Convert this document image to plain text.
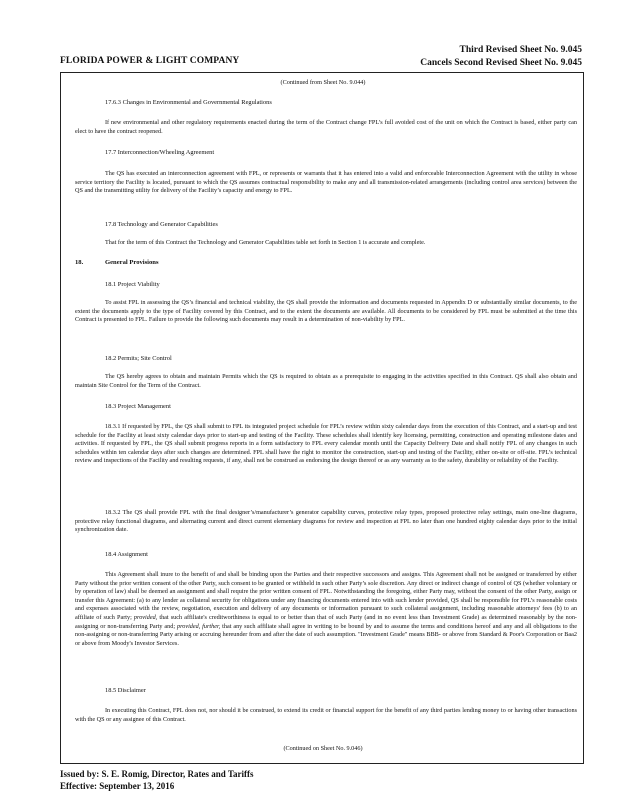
FLORIDA POWER & LIGHT COMPANY
Third Revised Sheet No. 9.045
Cancels Second Revised Sheet No. 9.045

(Continued from Sheet No. 9.044)

17.6.3 Changes in Environmental and Governmental Regulations

If new environmental and other regulatory requirements enacted during the term of the Contract change FPL’s full avoided cost of the unit on which the Contract is based, either party can elect to have the contract reopened.

17.7 Interconnection/Wheeling Agreement

The QS has executed an interconnection agreement with FPL, or represents or warrants that it has entered into a valid and enforceable Interconnection Agreement with the utility in whose service territory the Facility is located, pursuant to which the QS assumes contractual responsibility to make any and all transmission-related arrangements (including control area services) between the QS and the transmitting utility for delivery of the Facility’s capacity and energy to FPL.

17.8 Technology and Generator Capabilities

That for the term of this Contract the Technology and Generator Capabilities table set forth in Section 1 is accurate and complete.

18.	General Provisions

18.1 Project Viability

To assist FPL in assessing the QS’s financial and technical viability, the QS shall provide the information and documents requested in Appendix D or substantially similar documents, to the extent the documents apply to the type of Facility covered by this Contract, and to the extent the documents are available. All documents to be considered by FPL must be submitted at the time this Contract is presented to FPL. Failure to provide the following such documents may result in a determination of non-viability by FPL.

18.2 Permits; Site Control

The QS hereby agrees to obtain and maintain Permits which the QS is required to obtain as a prerequisite to engaging in the activities specified in this Contract. QS shall also obtain and maintain Site Control for the Term of the Contract.

18.3 Project Management

18.3.1 If requested by FPL, the QS shall submit to FPL its integrated project schedule for FPL’s review within sixty calendar days from the execution of this Contract, and a start-up and test schedule for the Facility at least sixty calendar days prior to start-up and testing of the Facility. These schedules shall identify key licensing, permitting, construction and operating milestone dates and activities. If requested by FPL, the QS shall submit progress reports in a form satisfactory to FPL every calendar month until the Capacity Delivery Date and shall notify FPL of any changes in such schedules within ten calendar days after such changes are determined. FPL shall have the right to monitor the construction, start-up and testing of the Facility, either on-site or off-site. FPL’s technical review and inspections of the Facility and resulting requests, if any, shall not be construed as endorsing the design thereof or as any warranty as to the safety, durability or reliability of the Facility.

18.3.2 The QS shall provide FPL with the final designer’s/manufacturer’s generator capability curves, protective relay types, proposed protective relay settings, main one-line diagrams, protective relay functional diagrams, and alternating current and direct current elementary diagrams for review and inspection at FPL no later than one hundred eighty calendar days prior to the initial synchronization date.

18.4 Assignment

This Agreement shall inure to the benefit of and shall be binding upon the Parties and their respective successors and assigns. This Agreement shall not be assigned or transferred by either Party without the prior written consent of the other Party, such consent to be granted or withheld in such other Party’s sole discretion. Any direct or indirect change of control of QS (whether voluntary or by operation of law) shall be deemed an assignment and shall require the prior written consent of FPL. Notwithstanding the foregoing, either Party may, without the consent of the other Party, assign or transfer this Agreement: (a) to any lender as collateral security for obligations under any financing documents entered into with such lender provided, QS shall be responsible for FPL’s reasonable costs and expenses associated with the review, negotiation, execution and delivery of any documents or information pursuant to such collateral assignment, including reasonable attorneys' fees (b) to an affiliate of such Party; provided, that such affiliate's creditworthiness is equal to or better than that of such Party (and in no event less than Investment Grade) as determined reasonably by the non-assigning or non-transferring Party and; provided, further, that any such affiliate shall agree in writing to be bound by and to assume the terms and conditions hereof and any and all obligations to the non-assigning or non-transferring Party arising or accruing hereunder from and after the date of such assumption. "Investment Grade" means BBB- or above from Standard & Poor's Corporation or Baa2 or above from Moody's Investor Services.

18.5 Disclaimer

In executing this Contract, FPL does not, nor should it be construed, to extend its credit or financial support for the benefit of any third parties lending money to or having other transactions with the QS or any assignee of this Contract.

(Continued on Sheet No. 9.046)

Issued by: S. E. Romig, Director, Rates and Tariffs
Effective: September 13, 2016
